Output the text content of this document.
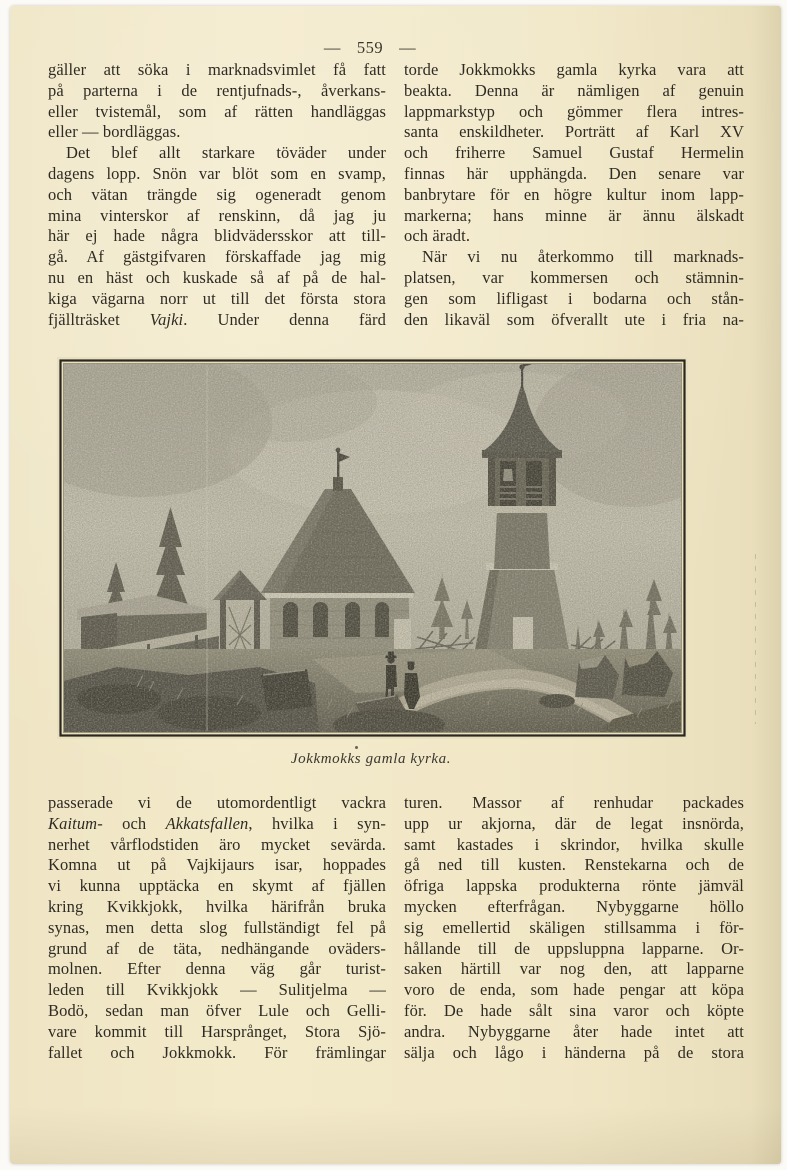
— 559 —
gäller att söka i marknadsvimlet få fatt
på parterna i de rentjufnads-, åverkans-
eller tvistemål, som af rätten handläggas
eller — bordläggas.
Det blef allt starkare töväder under
dagens lopp. Snön var blöt som en svamp,
och vätan trängde sig ogeneradt genom
mina vinterskor af renskinn, då jag ju
här ej hade några blidvädersskor att till-
gå. Af gästgifvaren förskaffade jag mig
nu en häst och kuskade så af på de hal-
kiga vägarna norr ut till det första stora
fjällträsket Vajki. Under denna färd
torde Jokkmokks gamla kyrka vara att
beakta. Denna är nämligen af genuin
lappmarkstyp och gömmer flera intres-
santa enskildheter. Porträtt af Karl XV
och friherre Samuel Gustaf Hermelin
finnas här upphängda. Den senare var
banbrytare för en högre kultur inom lapp-
markerna; hans minne är ännu älskadt
och äradt.
När vi nu återkommo till marknads-
platsen, var kommersen och stämnin-
gen som lifligast i bodarna och stån-
den likaväl som öfverallt ute i fria na-
Jokkmokks gamla kyrka.
passerade vi de utomordentligt vackra
Kaitum- och Akkatsfallen, hvilka i syn-
nerhet vårflodstiden äro mycket sevärda.
Komna ut på Vajkijaurs isar, hoppades
vi kunna upptäcka en skymt af fjällen
kring Kvikkjokk, hvilka härifrån bruka
synas, men detta slog fullständigt fel på
grund af de täta, nedhängande oväders-
molnen. Efter denna väg går turist-
leden till Kvikkjokk — Sulitjelma —
Bodö, sedan man öfver Lule och Gelli-
vare kommit till Harsprånget, Stora Sjö-
fallet och Jokkmokk. För främlingar
turen. Massor af renhudar packades
upp ur akjorna, där de legat insnörda,
samt kastades i skrindor, hvilka skulle
gå ned till kusten. Renstekarna och de
öfriga lappska produkterna rönte jämväl
mycken efterfrågan. Nybyggarne höllo
sig emellertid skäligen stillsamma i för-
hållande till de uppsluppna lapparne. Or-
saken härtill var nog den, att lapparne
voro de enda, som hade pengar att köpa
för. De hade sålt sina varor och köpte
andra. Nybyggarne åter hade intet att
sälja och lågo i händerna på de stora
